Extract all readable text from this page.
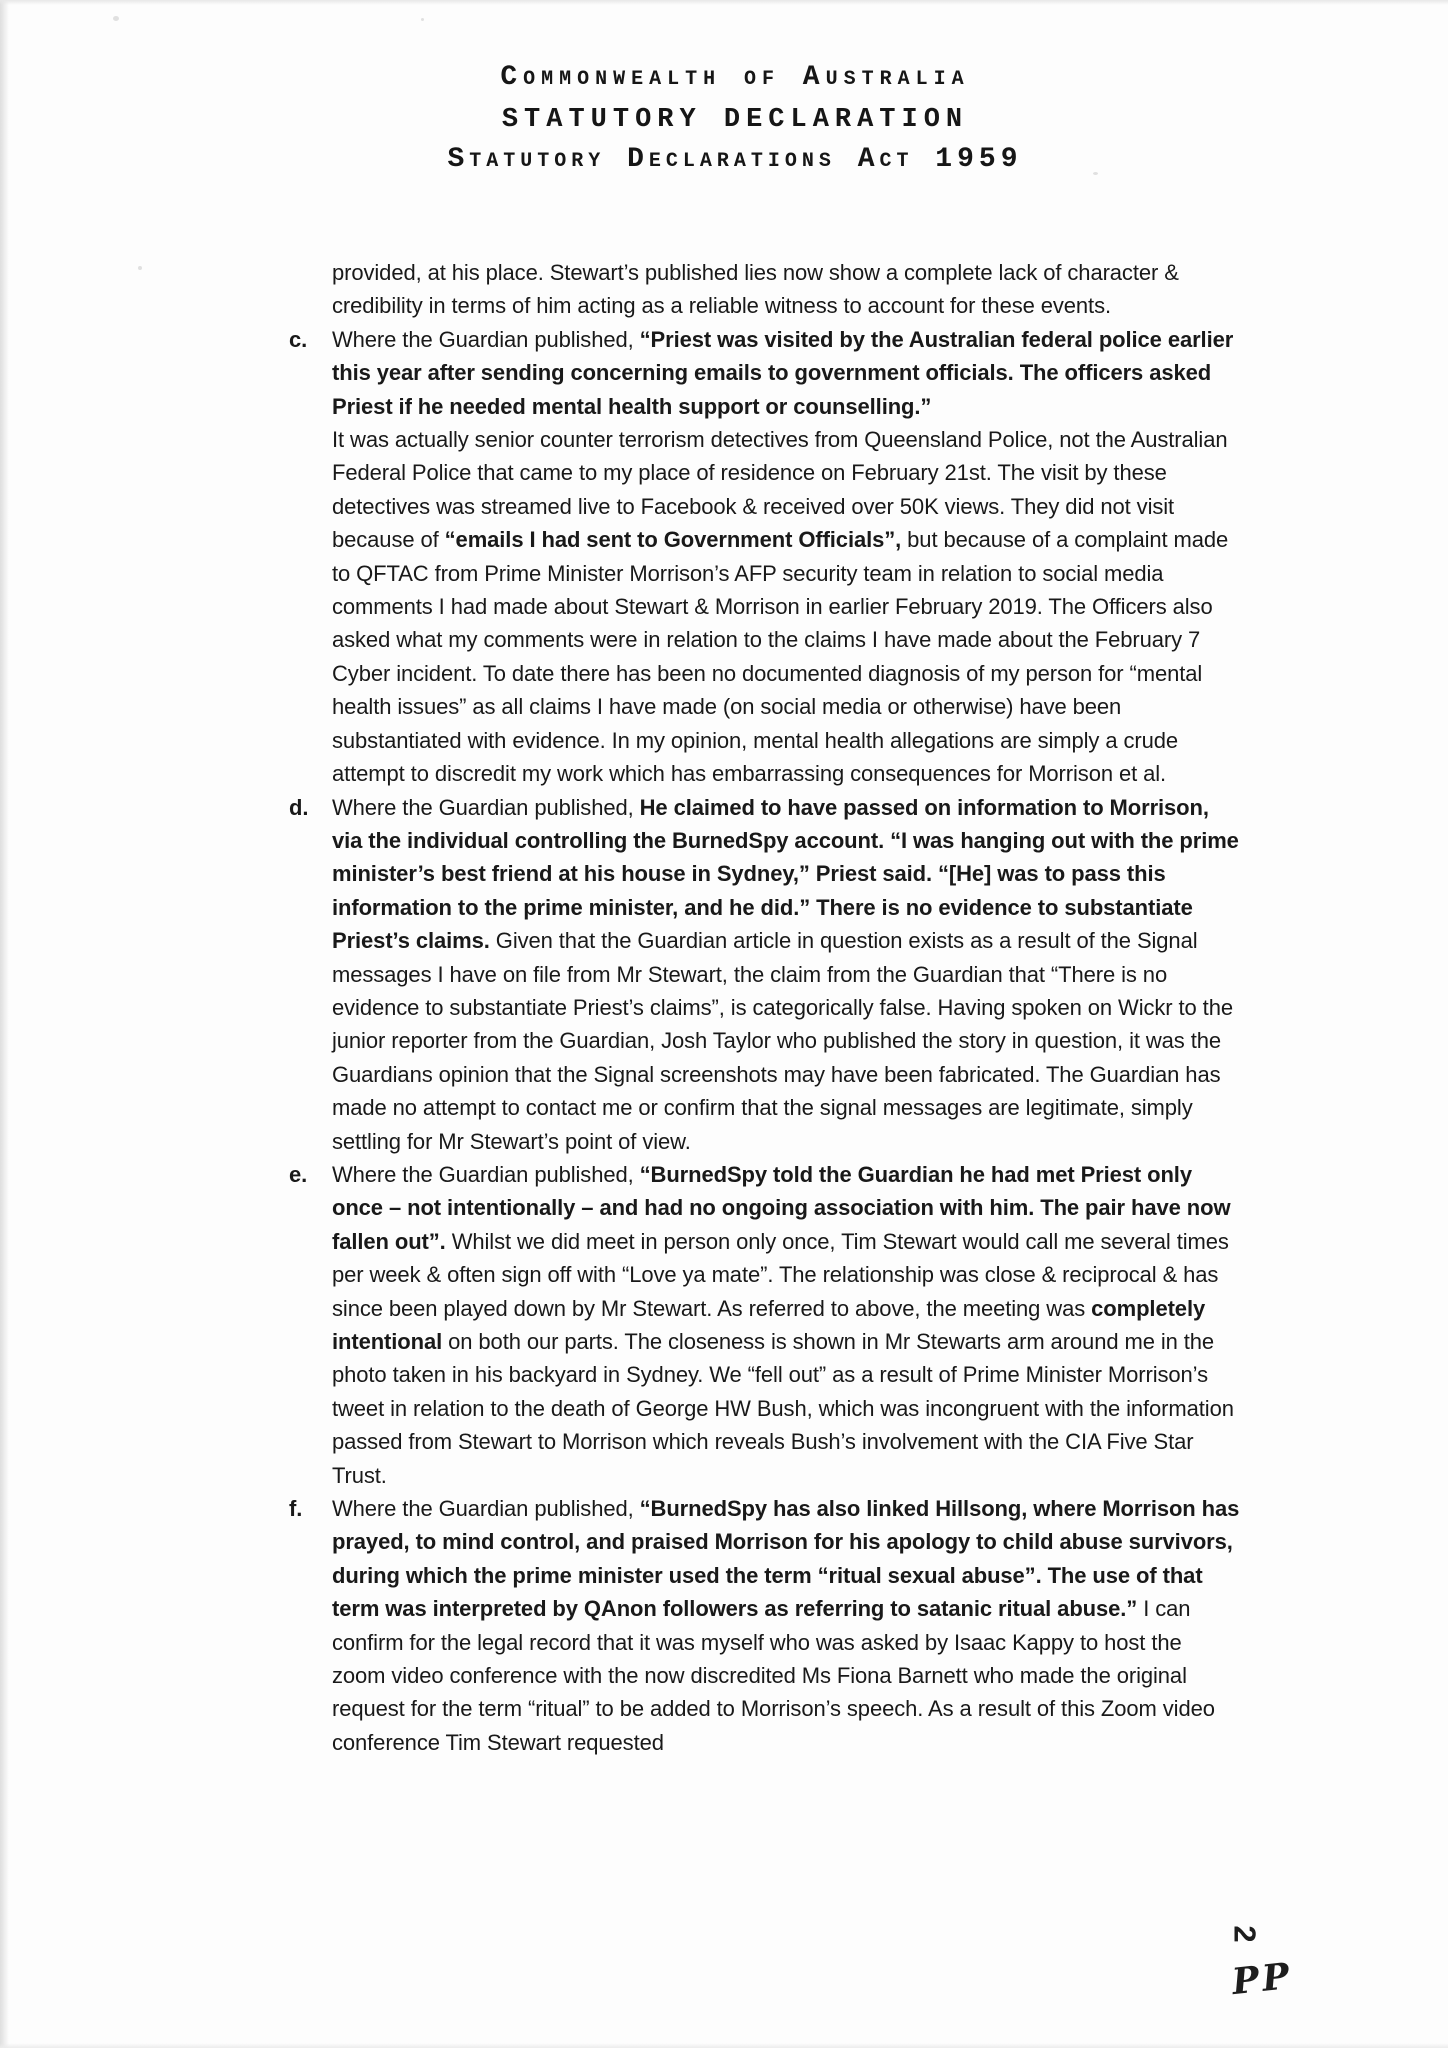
Commonwealth of Australia
STATUTORY DECLARATION
Statutory Declarations Act 1959
provided, at his place. Stewart’s published lies now show a complete lack of character & credibility in terms of him acting as a reliable witness to account for these events.
c. Where the Guardian published, “Priest was visited by the Australian federal police earlier this year after sending concerning emails to government officials. The officers asked Priest if he needed mental health support or counselling.”
It was actually senior counter terrorism detectives from Queensland Police, not the Australian Federal Police that came to my place of residence on February 21st. The visit by these detectives was streamed live to Facebook & received over 50K views. They did not visit because of “emails I had sent to Government Officials”, but because of a complaint made to QFTAC from Prime Minister Morrison’s AFP security team in relation to social media comments I had made about Stewart & Morrison in earlier February 2019. The Officers also asked what my comments were in relation to the claims I have made about the February 7 Cyber incident. To date there has been no documented diagnosis of my person for “mental health issues” as all claims I have made (on social media or otherwise) have been substantiated with evidence. In my opinion, mental health allegations are simply a crude attempt to discredit my work which has embarrassing consequences for Morrison et al.
d. Where the Guardian published, He claimed to have passed on information to Morrison, via the individual controlling the BurnedSpy account. “I was hanging out with the prime minister’s best friend at his house in Sydney,” Priest said. “[He] was to pass this information to the prime minister, and he did.” There is no evidence to substantiate Priest’s claims. Given that the Guardian article in question exists as a result of the Signal messages I have on file from Mr Stewart, the claim from the Guardian that “There is no evidence to substantiate Priest’s claims”, is categorically false. Having spoken on Wickr to the junior reporter from the Guardian, Josh Taylor who published the story in question, it was the Guardians opinion that the Signal screenshots may have been fabricated. The Guardian has made no attempt to contact me or confirm that the signal messages are legitimate, simply settling for Mr Stewart’s point of view.
e. Where the Guardian published, “BurnedSpy told the Guardian he had met Priest only once – not intentionally – and had no ongoing association with him. The pair have now fallen out”. Whilst we did meet in person only once, Tim Stewart would call me several times per week & often sign off with “Love ya mate”. The relationship was close & reciprocal & has since been played down by Mr Stewart. As referred to above, the meeting was completely intentional on both our parts. The closeness is shown in Mr Stewarts arm around me in the photo taken in his backyard in Sydney. We “fell out” as a result of Prime Minister Morrison’s tweet in relation to the death of George HW Bush, which was incongruent with the information passed from Stewart to Morrison which reveals Bush’s involvement with the CIA Five Star Trust.
f. Where the Guardian published, “BurnedSpy has also linked Hillsong, where Morrison has prayed, to mind control, and praised Morrison for his apology to child abuse survivors, during which the prime minister used the term “ritual sexual abuse”. The use of that term was interpreted by QAnon followers as referring to satanic ritual abuse.” I can confirm for the legal record that it was myself who was asked by Isaac Kappy to host the zoom video conference with the now discredited Ms Fiona Barnett who made the original request for the term “ritual” to be added to Morrison’s speech. As a result of this Zoom video conference Tim Stewart requested
2
PP
